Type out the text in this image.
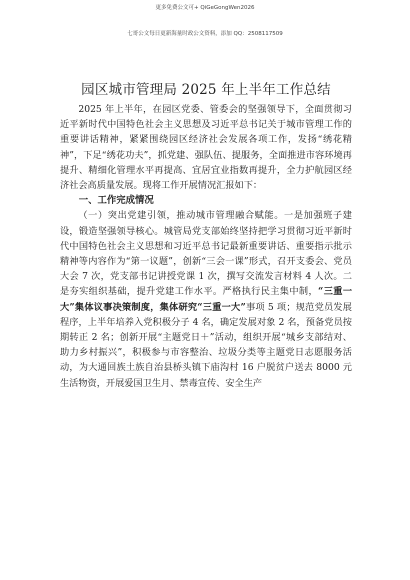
更多免费公文可+ QiGeGongWen2026
七哥公文每日更新海量时政公文资料，添加 QQ：2508117509
园区城市管理局 2025 年上半年工作总结

2025 年上半年，在园区党委、管委会的坚强领导下，全面贯彻习近平新时代中国特色社会主义思想及习近平总书记关于城市管理工作的重要讲话精神，紧紧围绕园区经济社会发展各项工作，发扬“绣花精神”，下足“绣花功夫”，抓党建、强队伍、提服务，全面推进市容环境再提升、精细化管理水平再提高、宜居宜业指数再提升，全力护航园区经济社会高质量发展。现将工作开展情况汇报如下：

一、工作完成情况

（一）突出党建引领，推动城市管理融合赋能。一是加强班子建设，锻造坚强领导核心。城管局党支部始终坚持把学习贯彻习近平新时代中国特色社会主义思想和习近平总书记最新重要讲话、重要指示批示精神等内容作为“第一议题”，创新“三会一课”形式，召开支委会、党员大会 7 次，党支部书记讲授党课 1 次，撰写交流发言材料 4 人次。二是夯实组织基础，提升党建工作水平。严格执行民主集中制，“三重一大”集体议事决策制度，集体研究“三重一大”事项 5 项；规范党员发展程序，上半年培养入党积极分子 4 名，确定发展对象 2 名，预备党员按期转正 2 名；创新开展“主题党日＋”活动，组织开展“城乡支部结对、助力乡村振兴”，积极参与市容整治、垃圾分类等主题党日志愿服务活动，为大通回族土族自治县桥头镇下庙沟村 16 户脱贫户送去 8000 元生活物资，开展爱国卫生月、禁毒宣传、安全生产
